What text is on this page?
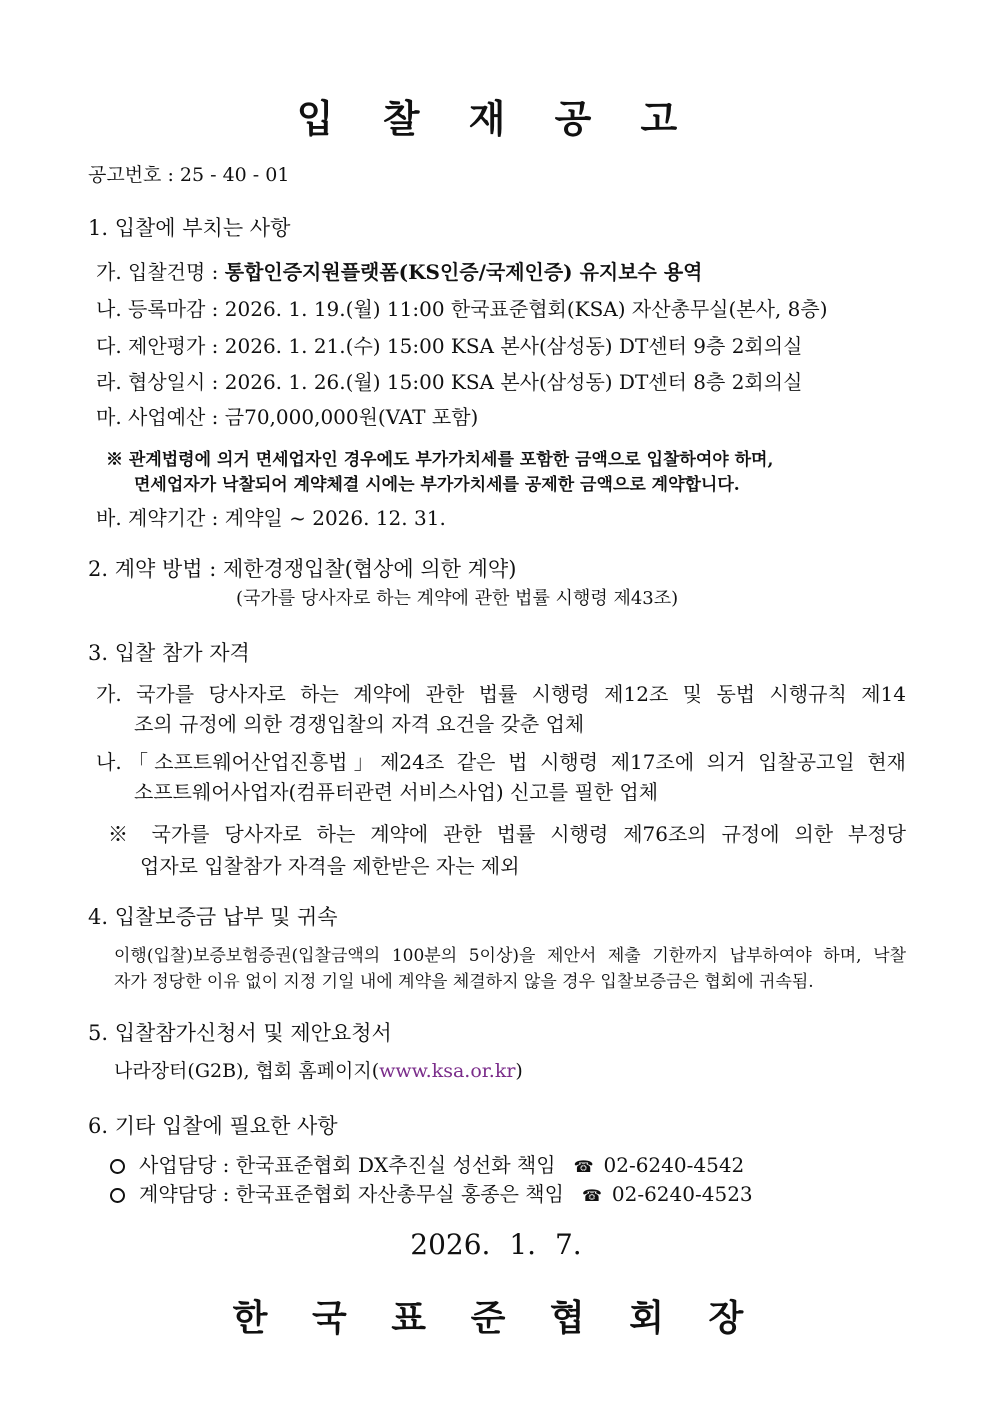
입 찰 재 공 고
공고번호 : 25 - 40 - 01
1. 입찰에 부치는 사항
가. 입찰건명 : 통합인증지원플랫폼(KS인증/국제인증) 유지보수 용역
나. 등록마감 : 2026. 1. 19.(월) 11:00 한국표준협회(KSA) 자산총무실(본사, 8층)
다. 제안평가 : 2026. 1. 21.(수) 15:00 KSA 본사(삼성동) DT센터 9층 2회의실
라. 협상일시 : 2026. 1. 26.(월) 15:00 KSA 본사(삼성동) DT센터 8층 2회의실
마. 사업예산 : 금70,000,000원(VAT 포함)
※ 관계법령에 의거 면세업자인 경우에도 부가가치세를 포함한 금액으로 입찰하여야 하며,
면세업자가 낙찰되어 계약체결 시에는 부가가치세를 공제한 금액으로 계약합니다.
바. 계약기간 : 계약일 ~ 2026. 12. 31.
2. 계약 방법 : 제한경쟁입찰(협상에 의한 계약)
(국가를 당사자로 하는 계약에 관한 법률 시행령 제43조)
3. 입찰 참가 자격
가. 국가를 당사자로 하는 계약에 관한 법률 시행령 제12조 및 동법 시행규칙 제14
조의 규정에 의한 경쟁입찰의 자격 요건을 갖춘 업체
나.「소프트웨어산업진흥법」제24조 같은 법 시행령 제17조에 의거 입찰공고일 현재
소프트웨어사업자(컴퓨터관련 서비스사업) 신고를 필한 업체
※ 국가를 당사자로 하는 계약에 관한 법률 시행령 제76조의 규정에 의한 부정당
업자로 입찰참가 자격을 제한받은 자는 제외
4. 입찰보증금 납부 및 귀속
이행(입찰)보증보험증권(입찰금액의 100분의 5이상)을 제안서 제출 기한까지 납부하여야 하며, 낙찰
자가 정당한 이유 없이 지정 기일 내에 계약을 체결하지 않을 경우 입찰보증금은 협회에 귀속됨.
5. 입찰참가신청서 및 제안요청서
나라장터(G2B), 협회 홈페이지(www.ksa.or.kr)
6. 기타 입찰에 필요한 사항
사업담당 : 한국표준협회 DX추진실 성선화 책임 ☎ 02-6240-4542
계약담당 : 한국표준협회 자산총무실 홍종은 책임 ☎ 02-6240-4523
2026. 1. 7.
한 국 표 준 협 회 장
